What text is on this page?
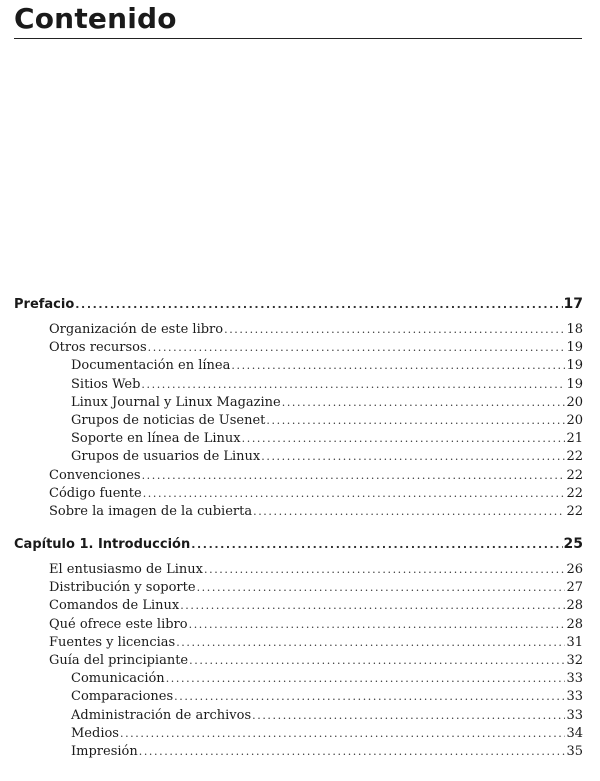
Contenido
Prefacio .....	17
Organización de este libro .....	18
Otros recursos .....	19
Documentación en línea .....	19
Sitios Web .....	19
Linux Journal y Linux Magazine .....	20
Grupos de noticias de Usenet .....	20
Soporte en línea de Linux .....	21
Grupos de usuarios de Linux .....	22
Convenciones .....	22
Código fuente .....	22
Sobre la imagen de la cubierta .....	22
Capítulo 1. Introducción .....	25
El entusiasmo de Linux .....	26
Distribución y soporte .....	27
Comandos de Linux .....	28
Qué ofrece este libro .....	28
Fuentes y licencias .....	31
Guía del principiante .....	32
Comunicación .....	33
Comparaciones .....	33
Administración de archivos .....	33
Medios .....	34
Impresión .....	35
